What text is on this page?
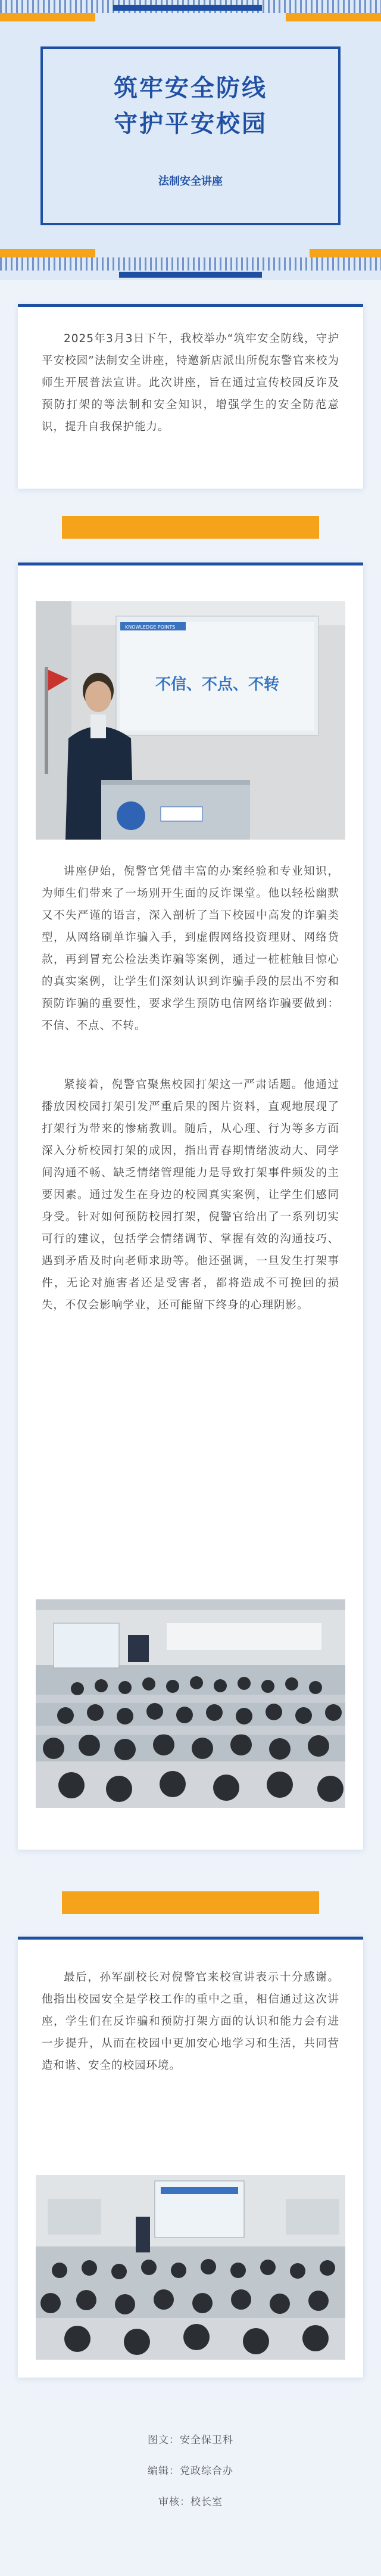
筑牢安全防线
守护平安校园
法制安全讲座

2025年3月3日下午，我校举办“筑牢安全防线，守护平安校园”法制安全讲座，特邀新店派出所倪东警官来校为师生开展普法宣讲。此次讲座，旨在通过宣传校园反诈及预防打架的等法制和安全知识，增强学生的安全防范意识，提升自我保护能力。

KNOWLEDGE POINTS
不信、不点、不转

讲座伊始，倪警官凭借丰富的办案经验和专业知识，为师生们带来了一场别开生面的反诈课堂。他以轻松幽默又不失严谨的语言，深入剖析了当下校园中高发的诈骗类型，从网络刷单诈骗入手，到虚假网络投资理财、网络贷款，再到冒充公检法类诈骗等案例，通过一桩桩触目惊心的真实案例，让学生们深刻认识到诈骗手段的层出不穷和预防诈骗的重要性，要求学生预防电信网络诈骗要做到：不信、不点、不转。

紧接着，倪警官聚焦校园打架这一严肃话题。他通过播放因校园打架引发严重后果的图片资料，直观地展现了打架行为带来的惨痛教训。随后，从心理、行为等多方面深入分析校园打架的成因，指出青春期情绪波动大、同学间沟通不畅、缺乏情绪管理能力是导致打架事件频发的主要因素。通过发生在身边的校园真实案例，让学生们感同身受。针对如何预防校园打架，倪警官给出了一系列切实可行的建议，包括学会情绪调节、掌握有效的沟通技巧、遇到矛盾及时向老师求助等。他还强调，一旦发生打架事件，无论对施害者还是受害者，都将造成不可挽回的损失，不仅会影响学业，还可能留下终身的心理阴影。

最后，孙军副校长对倪警官来校宣讲表示十分感谢。他指出校园安全是学校工作的重中之重，相信通过这次讲座，学生们在反诈骗和预防打架方面的认识和能力会有进一步提升，从而在校园中更加安心地学习和生活，共同营造和谐、安全的校园环境。

图文：安全保卫科
编辑：党政综合办
审核：校长室
